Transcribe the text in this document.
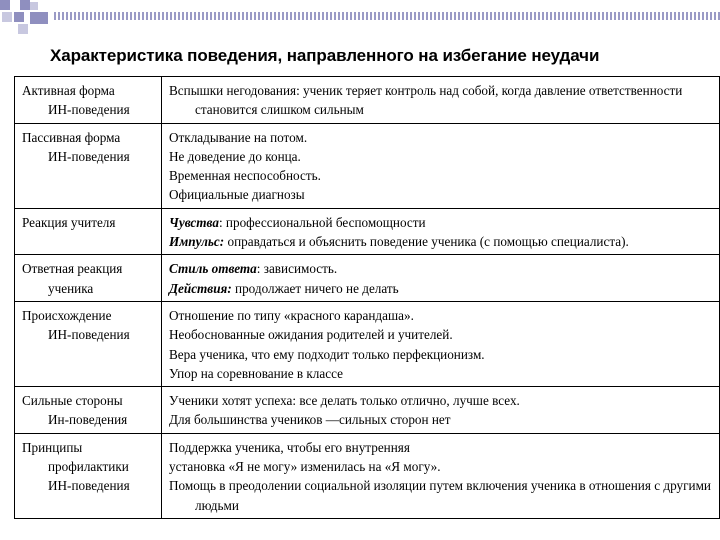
Характеристика поведения, направленного на избегание неудачи
Активная форма
ИН-поведения	Вспышки негодования: ученик теряет контроль над собой, когда давление ответственности становится слишком сильным

Пассивная форма
ИН-поведения	Откладывание на потом.
Не доведение до конца.
Временная неспособность.
Официальные диагнозы

Реакция учителя	Чувства: профессиональной беспомощности
Импульс: оправдаться и объяснить поведение ученика (с помощью специалиста).

Ответная реакция
ученика	Стиль ответа: зависимость.
Действия: продолжает ничего не делать

Происхождение
ИН-поведения	Отношение по типу «красного карандаша».
Необоснованные ожидания родителей и учителей.
Вера ученика, что ему подходит только перфекционизм.
Упор на соревнование в классе

Сильные стороны
Ин-поведения	Ученики хотят успеха: все делать только отлично, лучше всех.
Для большинства учеников —сильных сторон нет

Принципы
профилактики
ИН-поведения	Поддержка ученика, чтобы его внутренняя
установка «Я не могу» изменилась на «Я могу».
Помощь в преодолении социальной изоляции путем включения ученика в отношения с другими людьми
